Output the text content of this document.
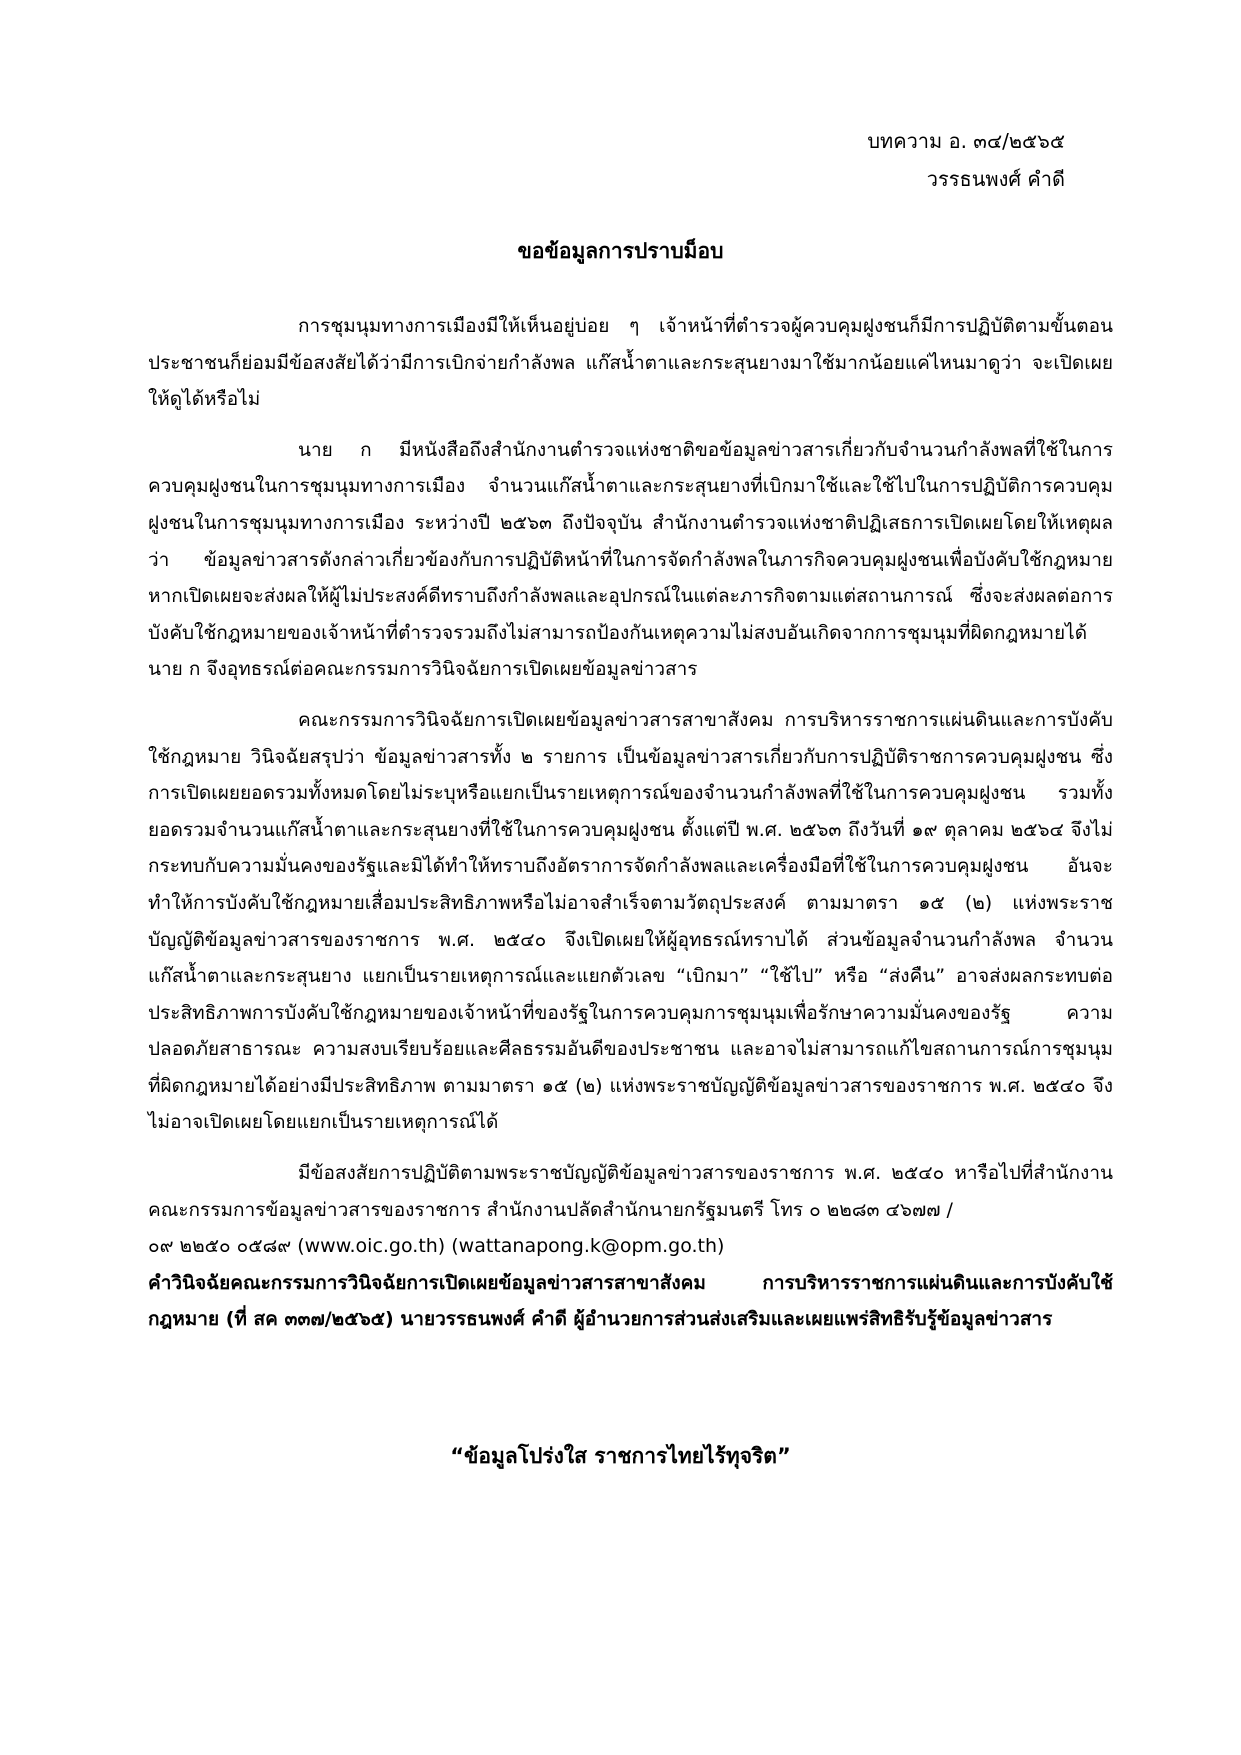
บทความ อ. ๓๔/๒๕๖๕
วรรธนพงศ์ คำดี
ขอข้อมูลการปราบม็อบ

การชุมนุมทางการเมืองมีให้เห็นอยู่บ่อย ๆ เจ้าหน้าที่ตำรวจผู้ควบคุมฝูงชนก็มีการปฏิบัติตามขั้นตอน ประชาชนก็ย่อมมีข้อสงสัยได้ว่ามีการเบิกจ่ายกำลังพล แก๊สน้ำตาและกระสุนยางมาใช้มากน้อยแค่ไหนมาดูว่า จะเปิดเผยให้ดูได้หรือไม่

นาย ก มีหนังสือถึงสำนักงานตำรวจแห่งชาติขอข้อมูลข่าวสารเกี่ยวกับจำนวนกำลังพลที่ใช้ในการควบคุมฝูงชนในการชุมนุมทางการเมือง จำนวนแก๊สน้ำตาและกระสุนยางที่เบิกมาใช้และใช้ไปในการปฏิบัติการควบคุมฝูงชนในการชุมนุมทางการเมือง ระหว่างปี ๒๕๖๓ ถึงปัจจุบัน สำนักงานตำรวจแห่งชาติปฏิเสธการเปิดเผยโดยให้เหตุผลว่า ข้อมูลข่าวสารดังกล่าวเกี่ยวข้องกับการปฏิบัติหน้าที่ในการจัดกำลังพลในภารกิจควบคุมฝูงชนเพื่อบังคับใช้กฎหมาย หากเปิดเผยจะส่งผลให้ผู้ไม่ประสงค์ดีทราบถึงกำลังพลและอุปกรณ์ในแต่ละภารกิจตามแต่สถานการณ์ ซึ่งจะส่งผลต่อการบังคับใช้กฎหมายของเจ้าหน้าที่ตำรวจรวมถึงไม่สามารถป้องกันเหตุความไม่สงบอันเกิดจากการชุมนุมที่ผิดกฎหมายได้ นาย ก จึงอุทธรณ์ต่อคณะกรรมการวินิจฉัยการเปิดเผยข้อมูลข่าวสาร

คณะกรรมการวินิจฉัยการเปิดเผยข้อมูลข่าวสารสาขาสังคม การบริหารราชการแผ่นดินและการบังคับใช้กฎหมาย วินิจฉัยสรุปว่า ข้อมูลข่าวสารทั้ง ๒ รายการ เป็นข้อมูลข่าวสารเกี่ยวกับการปฏิบัติราชการควบคุมฝูงชน ซึ่งการเปิดเผยยอดรวมทั้งหมดโดยไม่ระบุหรือแยกเป็นรายเหตุการณ์ของจำนวนกำลังพลที่ใช้ในการควบคุมฝูงชน รวมทั้งยอดรวมจำนวนแก๊สน้ำตาและกระสุนยางที่ใช้ในการควบคุมฝูงชน ตั้งแต่ปี พ.ศ. ๒๕๖๓ ถึงวันที่ ๑๙ ตุลาคม ๒๕๖๔ จึงไม่กระทบกับความมั่นคงของรัฐและมิได้ทำให้ทราบถึงอัตราการจัดกำลังพลและเครื่องมือที่ใช้ในการควบคุมฝูงชน อันจะทำให้การบังคับใช้กฎหมายเสื่อมประสิทธิภาพหรือไม่อาจสำเร็จตามวัตถุประสงค์ ตามมาตรา ๑๕ (๒) แห่งพระราชบัญญัติข้อมูลข่าวสารของราชการ พ.ศ. ๒๕๔๐ จึงเปิดเผยให้ผู้อุทธรณ์ทราบได้ ส่วนข้อมูลจำนวนกำลังพล จำนวนแก๊สน้ำตาและกระสุนยาง แยกเป็นรายเหตุการณ์และแยกตัวเลข “เบิกมา” “ใช้ไป” หรือ “ส่งคืน” อาจส่งผลกระทบต่อประสิทธิภาพการบังคับใช้กฎหมายของเจ้าหน้าที่ของรัฐในการควบคุมการชุมนุมเพื่อรักษาความมั่นคงของรัฐ ความปลอดภัยสาธารณะ ความสงบเรียบร้อยและศีลธรรมอันดีของประชาชน และอาจไม่สามารถแก้ไขสถานการณ์การชุมนุมที่ผิดกฎหมายได้อย่างมีประสิทธิภาพ ตามมาตรา ๑๕ (๒) แห่งพระราชบัญญัติข้อมูลข่าวสารของราชการ พ.ศ. ๒๕๔๐ จึงไม่อาจเปิดเผยโดยแยกเป็นรายเหตุการณ์ได้

มีข้อสงสัยการปฏิบัติตามพระราชบัญญัติข้อมูลข่าวสารของราชการ พ.ศ. ๒๕๔๐ หารือไปที่สำนักงานคณะกรรมการข้อมูลข่าวสารของราชการ สำนักงานปลัดสำนักนายกรัฐมนตรี โทร ๐ ๒๒๘๓ ๔๖๗๗ /

๐๙ ๒๒๕๐ ๐๕๘๙ (www.oic.go.th) (wattanapong.k@opm.go.th)

คำวินิจฉัยคณะกรรมการวินิจฉัยการเปิดเผยข้อมูลข่าวสารสาขาสังคม การบริหารราชการแผ่นดินและการบังคับใช้กฎหมาย (ที่ สค ๓๓๗/๒๕๖๕) นายวรรธนพงศ์ คำดี ผู้อำนวยการส่วนส่งเสริมและเผยแพร่สิทธิรับรู้ข้อมูลข่าวสาร

“ข้อมูลโปร่งใส ราชการไทยไร้ทุจริต”
